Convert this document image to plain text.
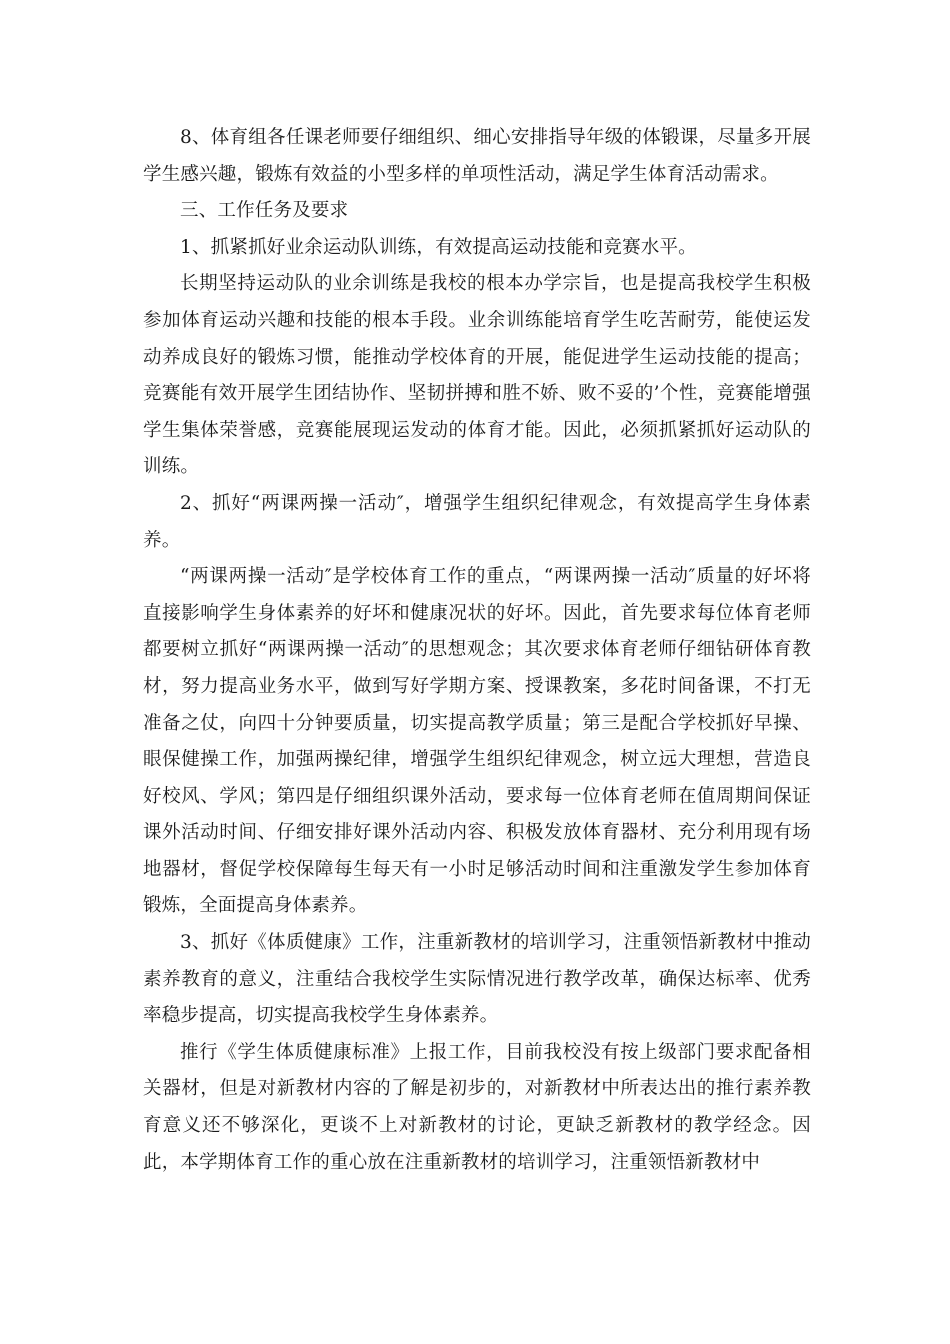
8、体育组各任课老师要仔细组织、细心安排指导年级的体锻课，尽量多开展学生感兴趣，锻炼有效益的小型多样的单项性活动，满足学生体育活动需求。

三、工作任务及要求

1、抓紧抓好业余运动队训练，有效提高运动技能和竞赛水平。

长期坚持运动队的业余训练是我校的根本办学宗旨，也是提高我校学生积极参加体育运动兴趣和技能的根本手段。业余训练能培育学生吃苦耐劳，能使运发动养成良好的锻炼习惯，能推动学校体育的开展，能促进学生运动技能的提高；竞赛能有效开展学生团结协作、坚韧拼搏和胜不娇、败不妥的’个性，竞赛能增强学生集体荣誉感，竞赛能展现运发动的体育才能。因此，必须抓紧抓好运动队的训练。

2、抓好“两课两操一活动″，增强学生组织纪律观念，有效提高学生身体素养。

“两课两操一活动″是学校体育工作的重点，“两课两操一活动″质量的好坏将直接影响学生身体素养的好坏和健康况状的好坏。因此，首先要求每位体育老师都要树立抓好“两课两操一活动″的思想观念；其次要求体育老师仔细钻研体育教材，努力提高业务水平，做到写好学期方案、授课教案，多花时间备课，不打无准备之仗，向四十分钟要质量，切实提高教学质量；第三是配合学校抓好早操、眼保健操工作，加强两操纪律，增强学生组织纪律观念，树立远大理想，营造良好校风、学风；第四是仔细组织课外活动，要求每一位体育老师在值周期间保证课外活动时间、仔细安排好课外活动内容、积极发放体育器材、充分利用现有场地器材，督促学校保障每生每天有一小时足够活动时间和注重激发学生参加体育锻炼，全面提高身体素养。

3、抓好《体质健康》工作，注重新教材的培训学习，注重领悟新教材中推动素养教育的意义，注重结合我校学生实际情况进行教学改革，确保达标率、优秀率稳步提高，切实提高我校学生身体素养。

推行《学生体质健康标准》上报工作，目前我校没有按上级部门要求配备相关器材，但是对新教材内容的了解是初步的，对新教材中所表达出的推行素养教育意义还不够深化，更谈不上对新教材的讨论，更缺乏新教材的教学经念。因此，本学期体育工作的重心放在注重新教材的培训学习，注重领悟新教材中
